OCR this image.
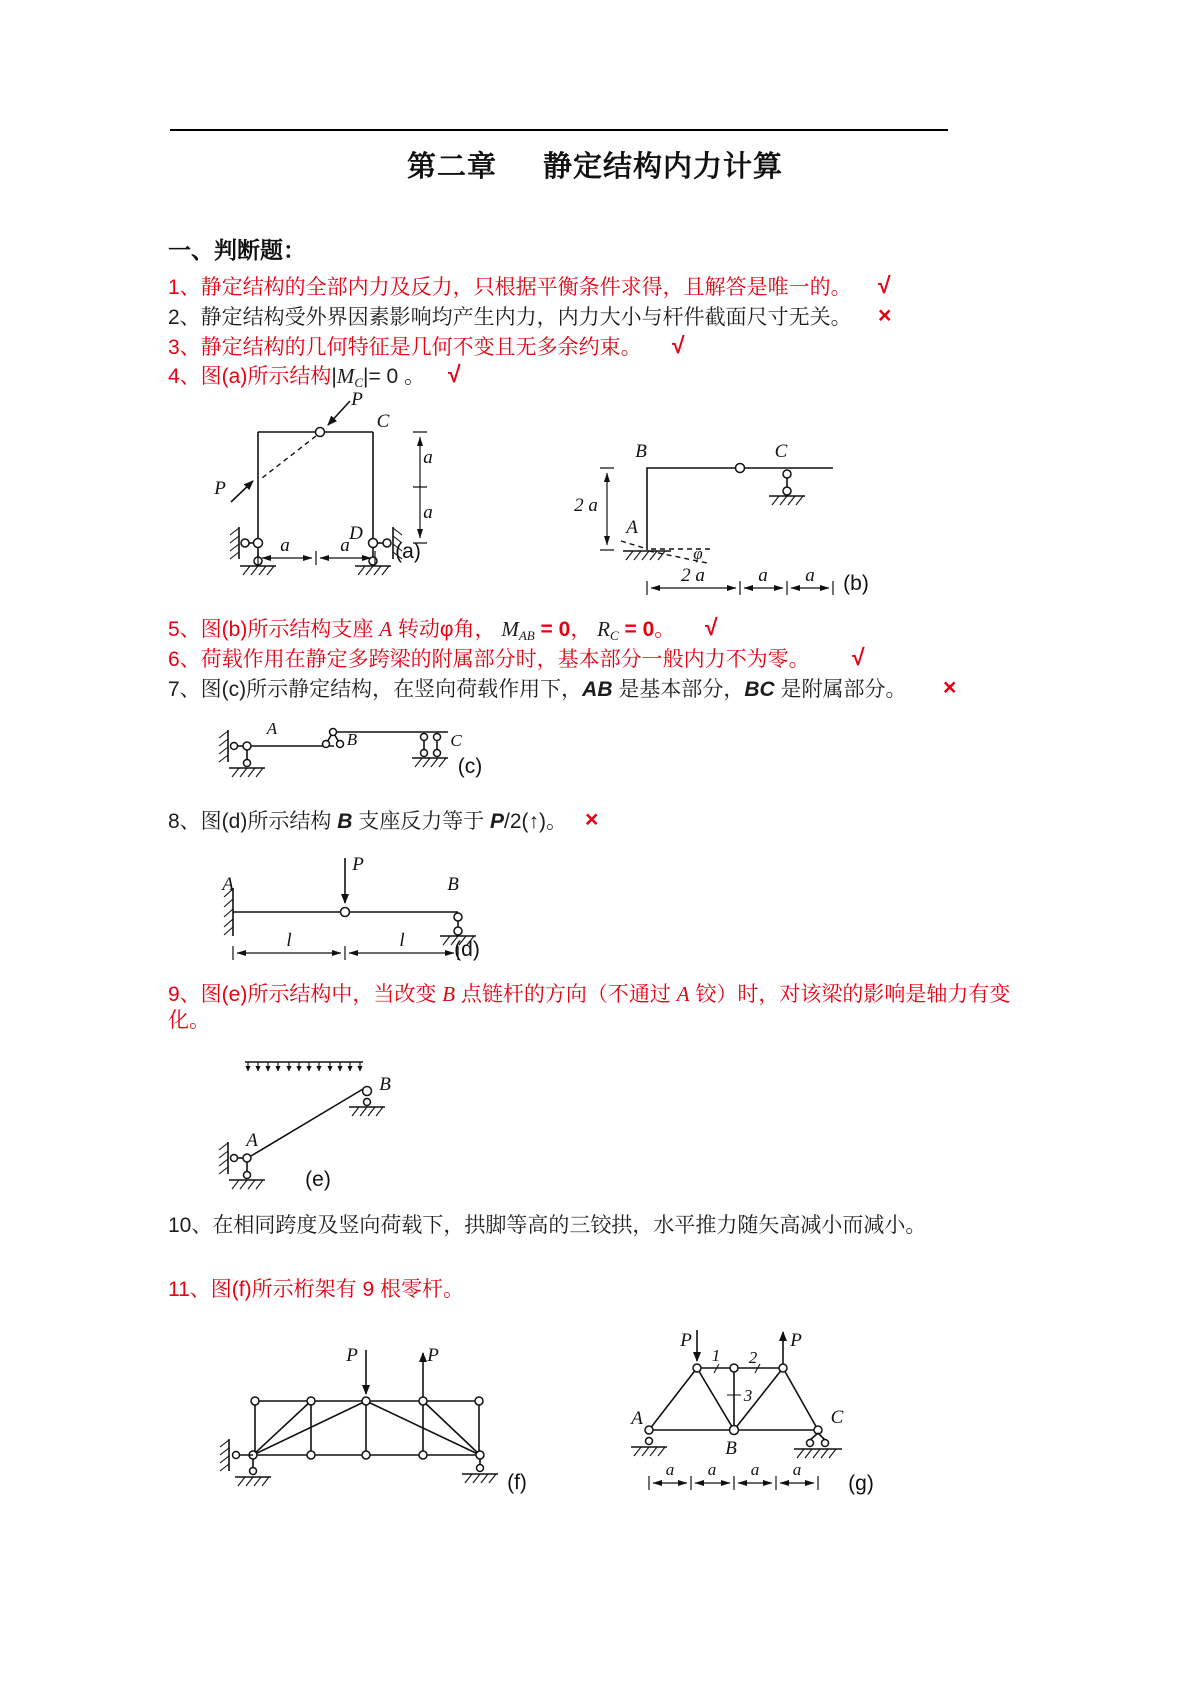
第二章 静定结构内力计算
一、判断题：
1、静定结构的全部内力及反力，只根据平衡条件求得，且解答是唯一的。 √
2、静定结构受外界因素影响均产生内力，内力大小与杆件截面尺寸无关。 ×
3、静定结构的几何特征是几何不变且无多余约束。 √
4、图(a)所示结构|MC|= 0 。 √
5、图(b)所示结构支座 A 转动φ角， MAB = 0， RC = 0。 √
6、荷载作用在静定多跨梁的附属部分时，基本部分一般内力不为零。 √
7、图(c)所示静定结构，在竖向荷载作用下，AB 是基本部分，BC 是附属部分。 ×
8、图(d)所示结构 B 支座反力等于 P/2(↑)。 ×
9、图(e)所示结构中，当改变 B 点链杆的方向（不通过 A 铰）时，对该梁的影响是轴力有变
化。
10、在相同跨度及竖向荷载下，拱脚等高的三铰拱，水平推力随矢高减小而减小。
11、图(f)所示桁架有 9 根零杆。
P
P
C
D
a
a
a	a (a)
B	C
A
φ
2 a
2 a	a a (b)
A
B	C
(c)
A
P
B
l	l (d)
B
A
(e)
P	P
(f)
P	P
A
B
C
1 2
3
a a a a
(g)
